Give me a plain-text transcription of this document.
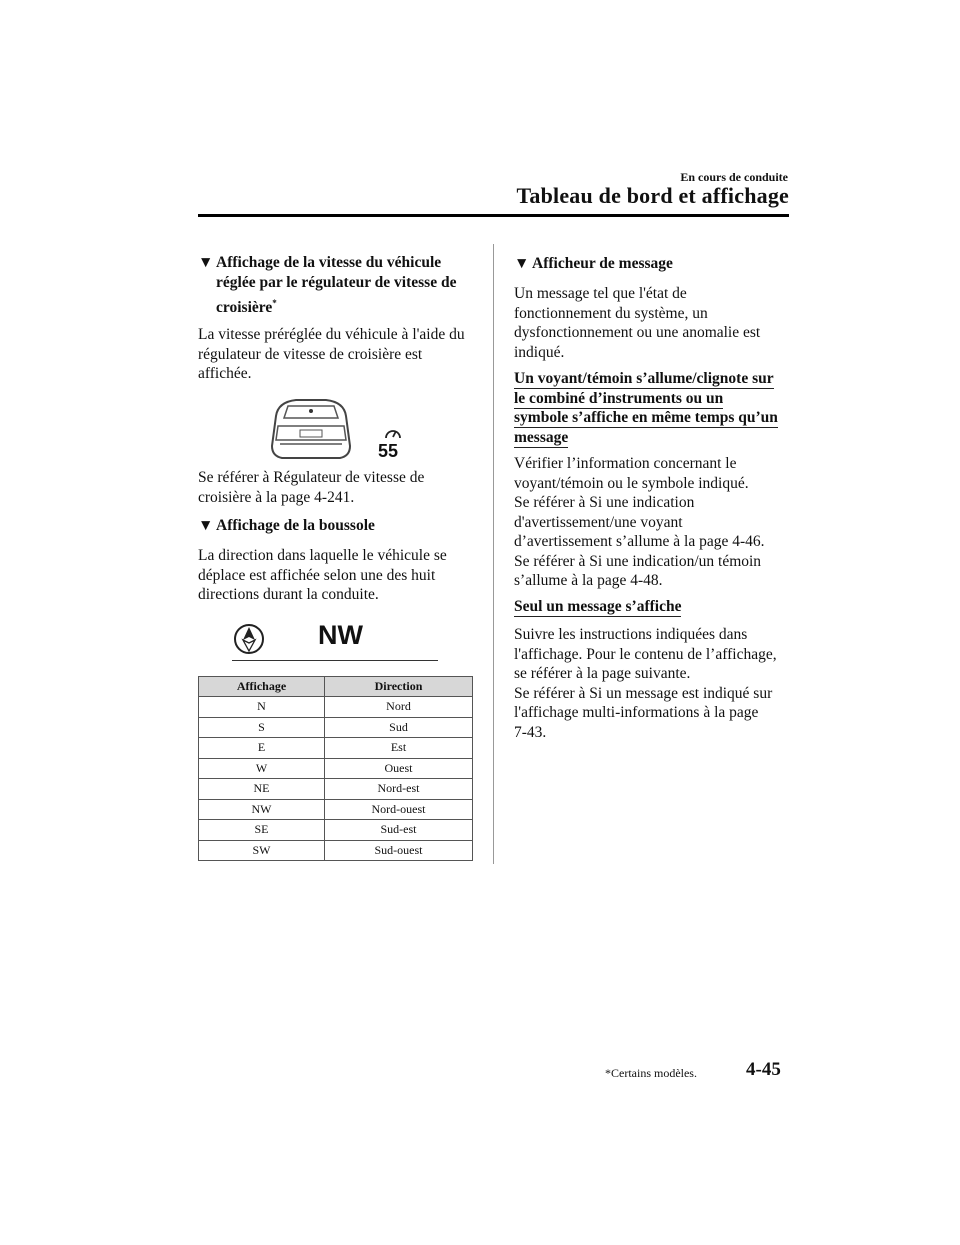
En cours de conduite
Tableau de bord et affichage
▼ Affichage de la vitesse du véhicule
réglée par le régulateur de vitesse de
croisière*
La vitesse préréglée du véhicule à l'aide du
régulateur de vitesse de croisière est
affichée.
55
Se référer à Régulateur de vitesse de
croisière à la page 4-241.
▼ Affichage de la boussole
La direction dans laquelle le véhicule se
déplace est affichée selon une des huit
directions durant la conduite.
NW
Affichage	Direction
N	Nord
S	Sud
E	Est
W	Ouest
NE	Nord-est
NW	Nord-ouest
SE	Sud-est
SW	Sud-ouest
▼ Afficheur de message
Un message tel que l'état de
fonctionnement du système, un
dysfonctionnement ou une anomalie est
indiqué.
Un voyant/témoin s’allume/clignote sur
le combiné d’instruments ou un
symbole s’affiche en même temps qu’un
message
Vérifier l’information concernant le
voyant/témoin ou le symbole indiqué.
Se référer à Si une indication
d'avertissement/une voyant
d’avertissement s’allume à la page 4-46.
Se référer à Si une indication/un témoin
s’allume à la page 4-48.
Seul un message s’affiche
Suivre les instructions indiquées dans
l'affichage. Pour le contenu de l’affichage,
se référer à la page suivante.
Se référer à Si un message est indiqué sur
l'affichage multi-informations à la page
7-43.
*Certains modèles.	4-45
